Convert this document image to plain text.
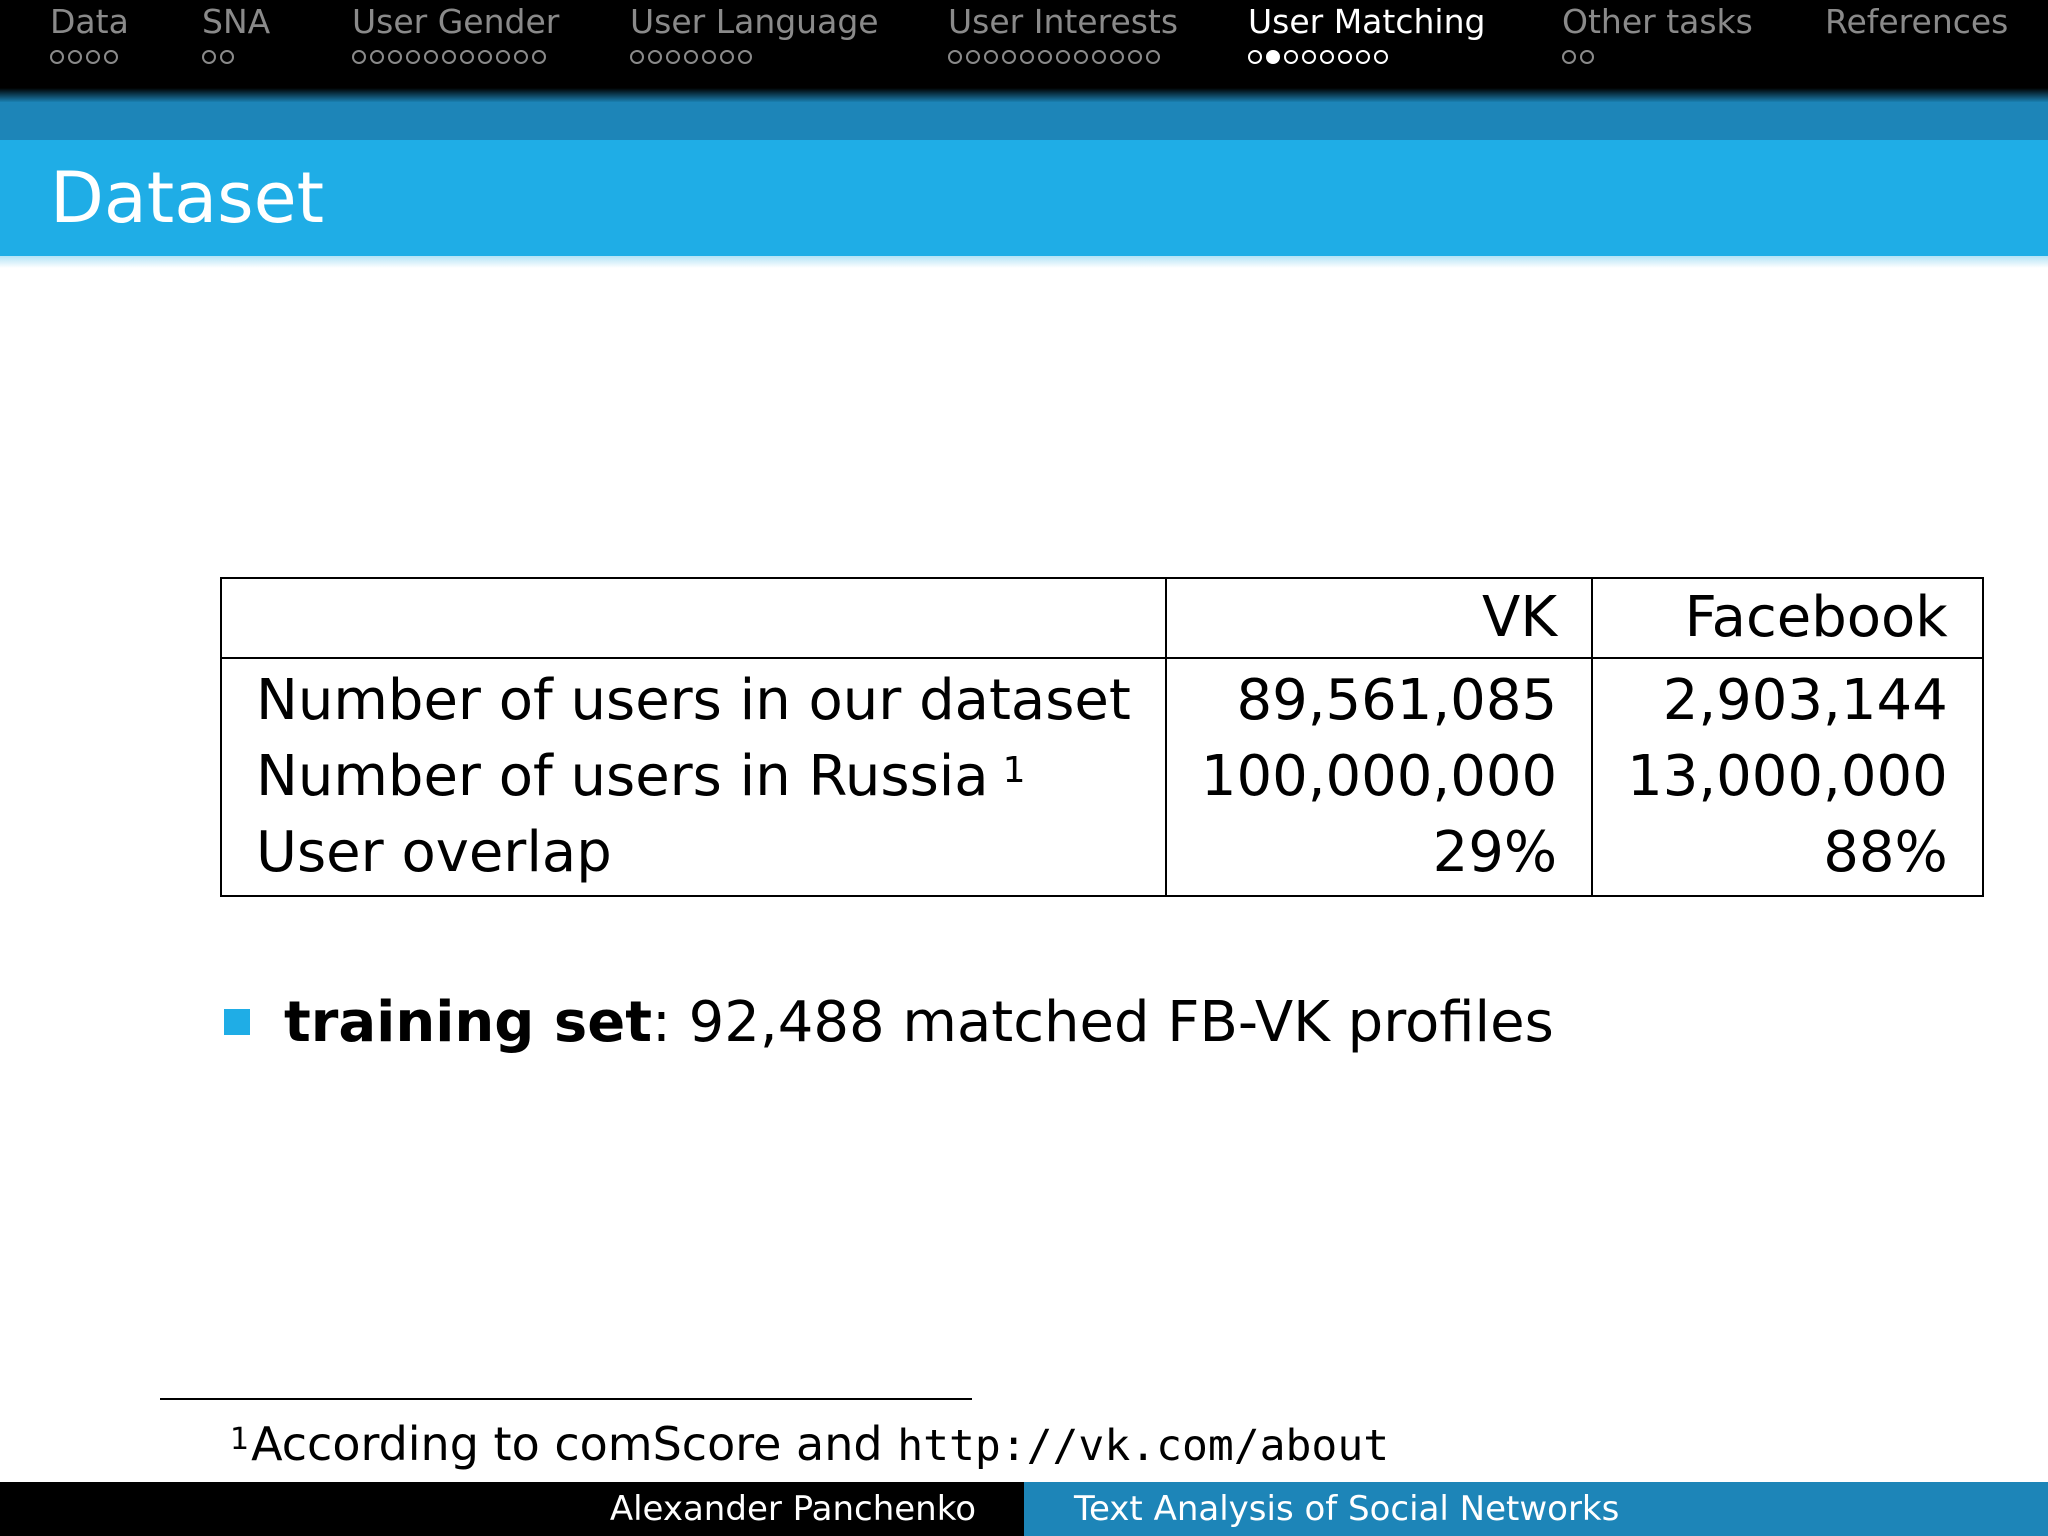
Data SNA User Gender User Language User Interests User Matching Other tasks References
Dataset
	VK	Facebook
Number of users in our dataset	89,561,085	2,903,144
Number of users in Russia $^1$	100,000,000	13,000,000
User overlap	29%	88%
training set: 92,488 matched FB-VK profiles
$^1$According to comScore and http://vk.com/about
Alexander Panchenko	Text Analysis of Social Networks
